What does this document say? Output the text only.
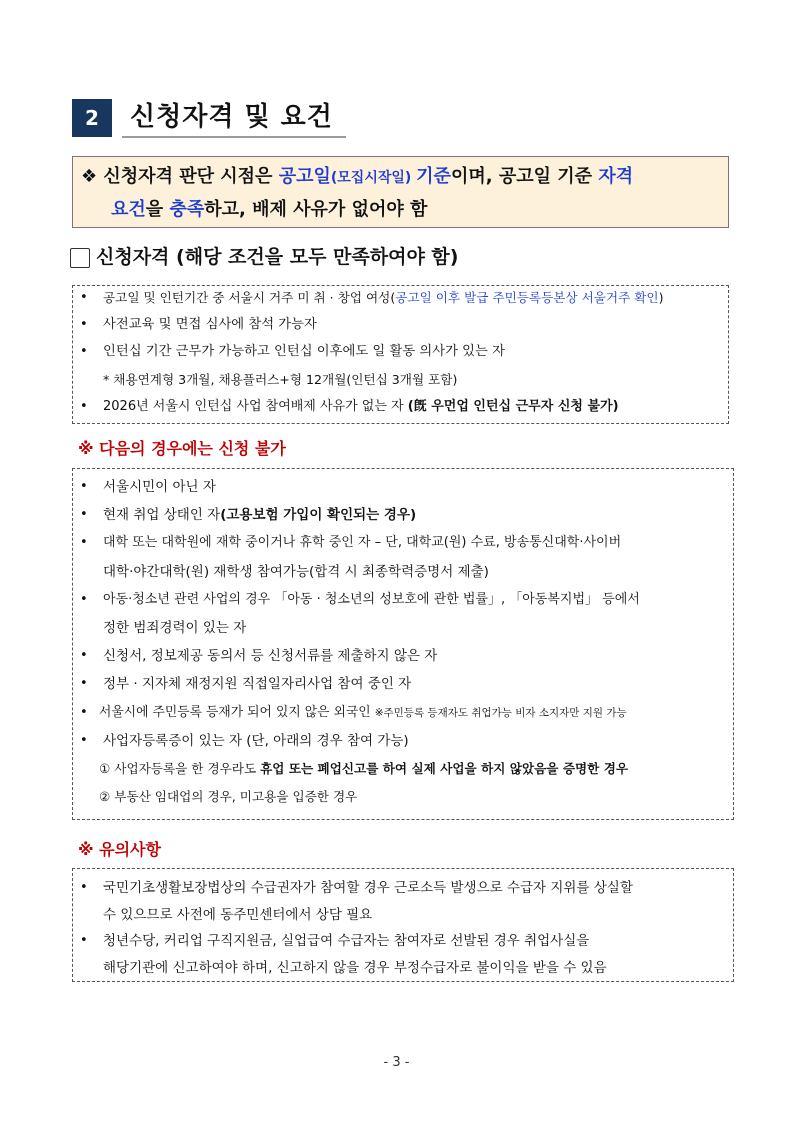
2	신청자격 및 요건
❖ 신청자격 판단 시점은 공고일(모집시작일) 기준이며, 공고일 기준 자격
요건을 충족하고, 배제 사유가 없어야 함
신청자격 (해당 조건을 모두 만족하여야 함)
• 공고일 및 인턴기간 중 서울시 거주 미 취 · 창업 여성(공고일 이후 발급 주민등록등본상 서울거주 확인)
• 사전교육 및 면접 심사에 참석 가능자
• 인턴십 기간 근무가 가능하고 인턴십 이후에도 일 활동 의사가 있는 자
* 채용연계형 3개월, 채용플러스+형 12개월(인턴십 3개월 포함)
• 2026년 서울시 인턴십 사업 참여배제 사유가 없는 자 (旣 우먼업 인턴십 근무자 신청 불가)
※ 다음의 경우에는 신청 불가
• 서울시민이 아닌 자
• 현재 취업 상태인 자(고용보험 가입이 확인되는 경우)
• 대학 또는 대학원에 재학 중이거나 휴학 중인 자 – 단, 대학교(원) 수료, 방송통신대학·사이버
대학·야간대학(원) 재학생 참여가능(합격 시 최종학력증명서 제출)
• 아동·청소년 관련 사업의 경우 「아동 · 청소년의 성보호에 관한 법률」, 「아동복지법」 등에서
정한 범죄경력이 있는 자
• 신청서, 정보제공 동의서 등 신청서류를 제출하지 않은 자
• 정부 · 지자체 재정지원 직접일자리사업 참여 중인 자
• 서울시에 주민등록 등재가 되어 있지 않은 외국인 ※주민등록 등재자도 취업가능 비자 소지자만 지원 가능
• 사업자등록증이 있는 자 (단, 아래의 경우 참여 가능)
① 사업자등록을 한 경우라도 휴업 또는 폐업신고를 하여 실제 사업을 하지 않았음을 증명한 경우
② 부동산 임대업의 경우, 미고용을 입증한 경우
※ 유의사항
• 국민기초생활보장법상의 수급권자가 참여할 경우 근로소득 발생으로 수급자 지위를 상실할
수 있으므로 사전에 동주민센터에서 상담 필요
• 청년수당, 커리업 구직지원금, 실업급여 수급자는 참여자로 선발된 경우 취업사실을
해당기관에 신고하여야 하며, 신고하지 않을 경우 부정수급자로 불이익을 받을 수 있음
- 3 -
